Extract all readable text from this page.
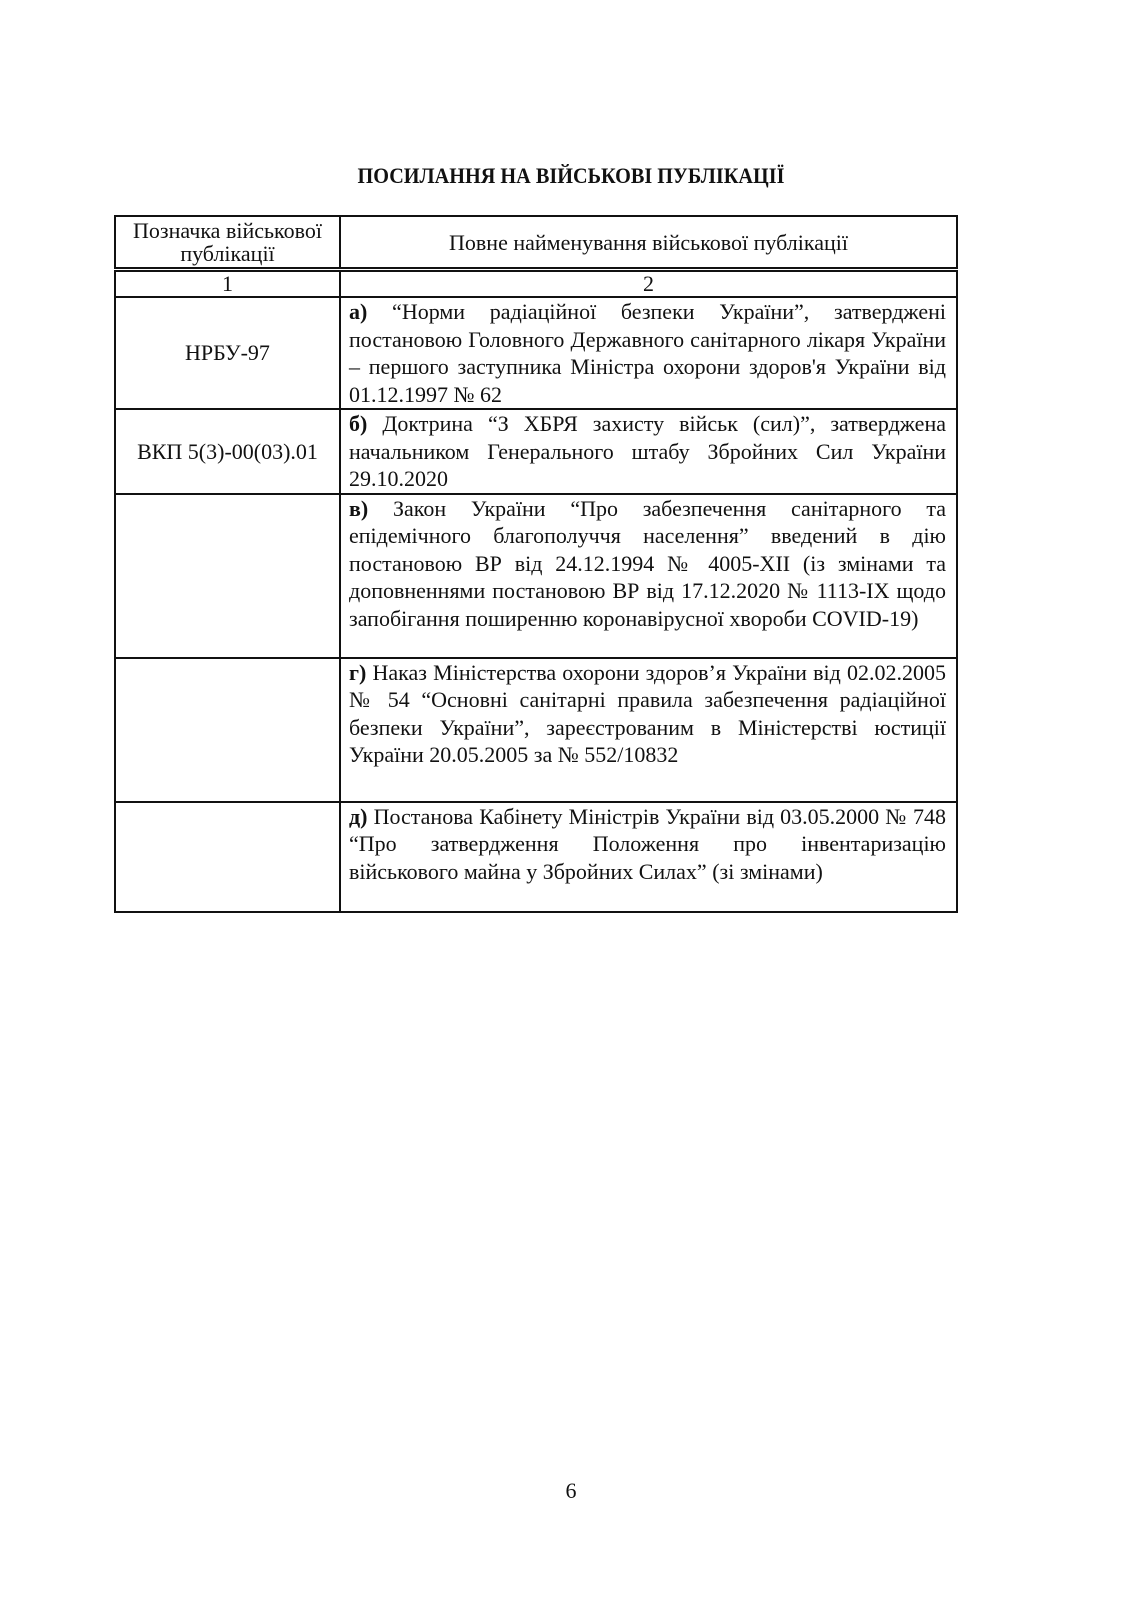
ПОСИЛАННЯ НА ВІЙСЬКОВІ ПУБЛІКАЦІЇ
Позначка військової публікації	Повне найменування військової публікації
1	2
НРБУ-97	а) “Норми радіаційної безпеки України”, затверджені постановою Головного Державного санітарного лікаря України – першого заступника Міністра охорони здоров'я України від 01.12.1997 № 62
ВКП 5(3)-00(03).01	б) Доктрина “З ХБРЯ захисту військ (сил)”, затверджена начальником Генерального штабу Збройних Сил України 29.10.2020
	в) Закон України “Про забезпечення санітарного та епідемічного благополуччя населення” введений в дію постановою ВР від 24.12.1994 № 4005-XII (із змінами та доповненнями постановою ВР від 17.12.2020 № 1113-IX щодо запобігання поширенню коронавірусної хвороби COVID-19)
	г) Наказ Міністерства охорони здоров’я України від 02.02.2005 № 54 “Основні санітарні правила забезпечення радіаційної безпеки України”, зареєстрованим в Міністерстві юстиції України 20.05.2005 за № 552/10832
	д) Постанова Кабінету Міністрів України від 03.05.2000 № 748 “Про затвердження Положення про інвентаризацію військового майна у Збройних Силах” (зі змінами)
6
